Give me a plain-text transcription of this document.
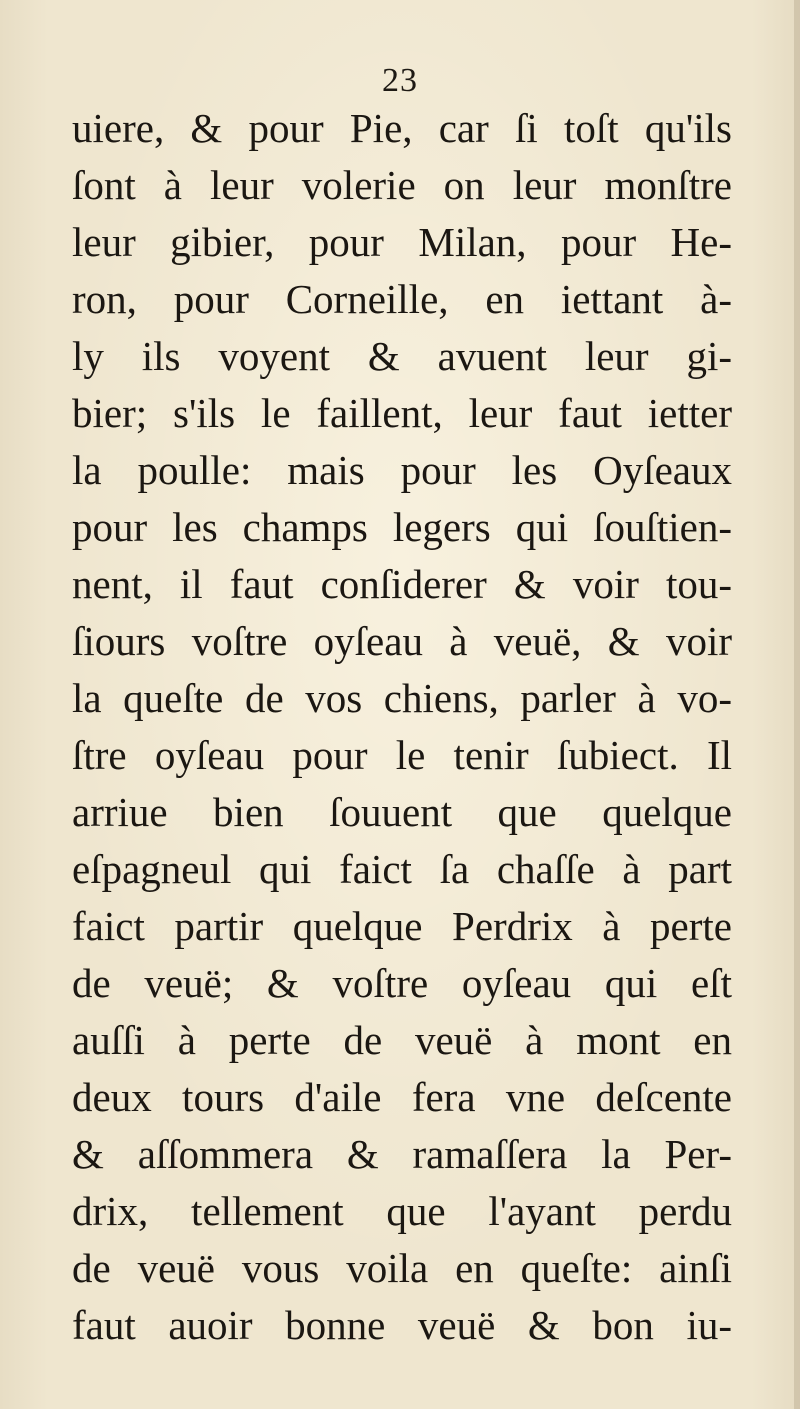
23
uiere, & pour Pie, car ſi toſt qu'ils
ſont à leur volerie on leur monſtre
leur gibier, pour Milan, pour He-
ron, pour Corneille, en iettant à-
ly ils voyent & avuent leur gi-
bier; s'ils le faillent, leur faut ietter
la poulle: mais pour les Oyſeaux
pour les champs legers qui ſouſtien-
nent, il faut conſiderer & voir tou-
ſiours voſtre oyſeau à veuë, & voir
la queſte de vos chiens, parler à vo-
ſtre oyſeau pour le tenir ſubiect. Il
arriue bien ſouuent que quelque
eſpagneul qui faict ſa chaſſe à part
faict partir quelque Perdrix à perte
de veuë; & voſtre oyſeau qui eſt
auſſi à perte de veuë à mont en
deux tours d'aile fera vne deſcente
& aſſommera & ramaſſera la Per-
drix, tellement que l'ayant perdu
de veuë vous voila en queſte: ainſi
faut auoir bonne veuë & bon iu-
